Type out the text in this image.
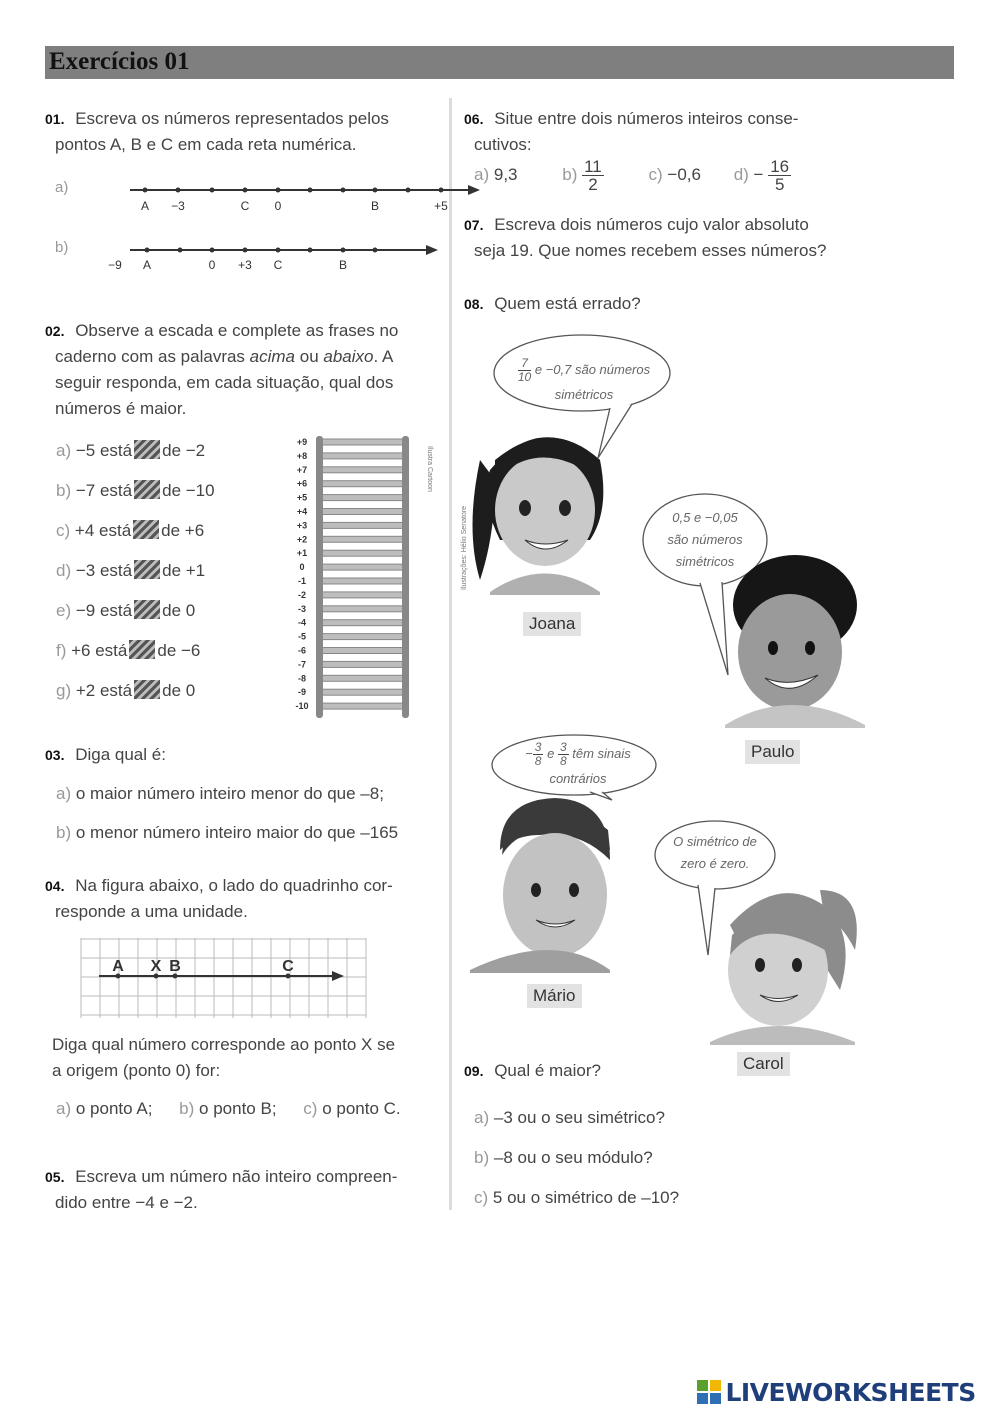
Exercícios 01
01. Escreva os números representados pelos
pontos A, B e C em cada reta numérica.
a)
A −3	C 0	B	+5
b)
−9 A	0 +3 C	B
02. Observe a escada e complete as frases no
caderno com as palavras acima ou abaixo. A
seguir responda, em cada situação, qual dos
números é maior.
a) −5 está de −2
b) −7 está de −10
c) +4 está de +6
d) −3 está de +1
e) −9 está de 0
f) +6 está de −6
g) +2 está de 0
+9
+8
+7
+6
+5
+4
+3
+2
+1
0
-1
-2
-3
-4
-5
-6
-7
-8
-9
-10
Ilustra Cartoon
03. Diga qual é:
a) o maior número inteiro menor do que –8;
b) o menor número inteiro maior do que –165
04. Na figura abaixo, o lado do quadrinho cor-
responde a uma unidade.
A X B	C
Diga qual número corresponde ao ponto X se
a origem (ponto 0) for:
a) o ponto A; b) o ponto B; c) o ponto C.
05. Escreva um número não inteiro compreen-
dido entre −4 e −2.
06. Situe entre dois números inteiros conse-
cutivos:
a) 9,3	$b) \frac{11}{2}$	c) −0,6 $d) - \frac{16}{5}$
07. Escreva dois números cujo valor absoluto
seja 19. Que nomes recebem esses números?
08. Quem está errado?
Ilustrações: Hélio Senatore
$\frac{7}{10}$ e −0,7 são números
simétricos
0,5 e −0,05
são números
simétricos
− $\frac{3}{8}$ e $\frac{3}{8}$ têm sinais
contrários
O simétrico de
zero é zero.
Joana
Paulo
Mário
Carol
09. Qual é maior?
a) –3 ou o seu simétrico?
b) –8 ou o seu módulo?
c) 5 ou o simétrico de –10?
LIVEWORKSHEETS
